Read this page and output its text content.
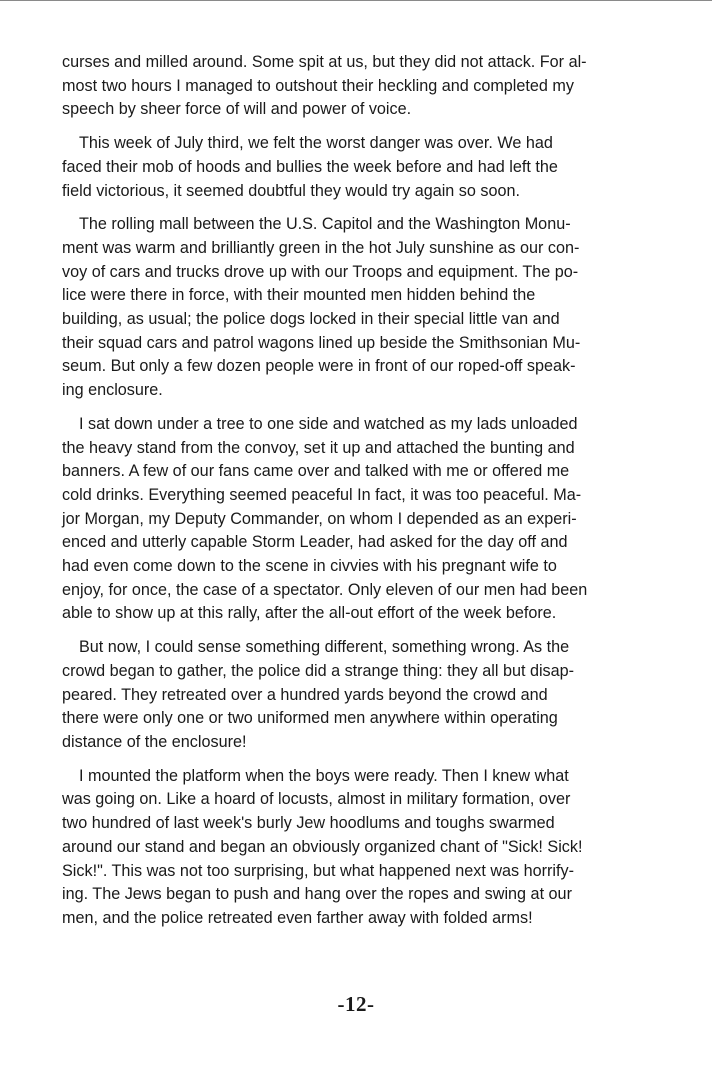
curses and milled around. Some spit at us, but they did not attack. For al-
most two hours I managed to outshout their heckling and completed my
speech by sheer force of will and power of voice.

This week of July third, we felt the worst danger was over. We had
faced their mob of hoods and bullies the week before and had left the
field victorious, it seemed doubtful they would try again so soon.

The rolling mall between the U.S. Capitol and the Washington Monu-
ment was warm and brilliantly green in the hot July sunshine as our con-
voy of cars and trucks drove up with our Troops and equipment. The po-
lice were there in force, with their mounted men hidden behind the
building, as usual; the police dogs locked in their special little van and
their squad cars and patrol wagons lined up beside the Smithsonian Mu-
seum. But only a few dozen people were in front of our roped-off speak-
ing enclosure.

I sat down under a tree to one side and watched as my lads unloaded
the heavy stand from the convoy, set it up and attached the bunting and
banners. A few of our fans came over and talked with me or offered me
cold drinks. Everything seemed peaceful In fact, it was too peaceful. Ma-
jor Morgan, my Deputy Commander, on whom I depended as an experi-
enced and utterly capable Storm Leader, had asked for the day off and
had even come down to the scene in civvies with his pregnant wife to
enjoy, for once, the case of a spectator. Only eleven of our men had been
able to show up at this rally, after the all-out effort of the week before.

But now, I could sense something different, something wrong. As the
crowd began to gather, the police did a strange thing: they all but disap-
peared. They retreated over a hundred yards beyond the crowd and
there were only one or two uniformed men anywhere within operating
distance of the enclosure!

I mounted the platform when the boys were ready. Then I knew what
was going on. Like a hoard of locusts, almost in military formation, over
two hundred of last week's burly Jew hoodlums and toughs swarmed
around our stand and began an obviously organized chant of "Sick! Sick!
Sick!". This was not too surprising, but what happened next was horrify-
ing. The Jews began to push and hang over the ropes and swing at our
men, and the police retreated even farther away with folded arms!

-12-
